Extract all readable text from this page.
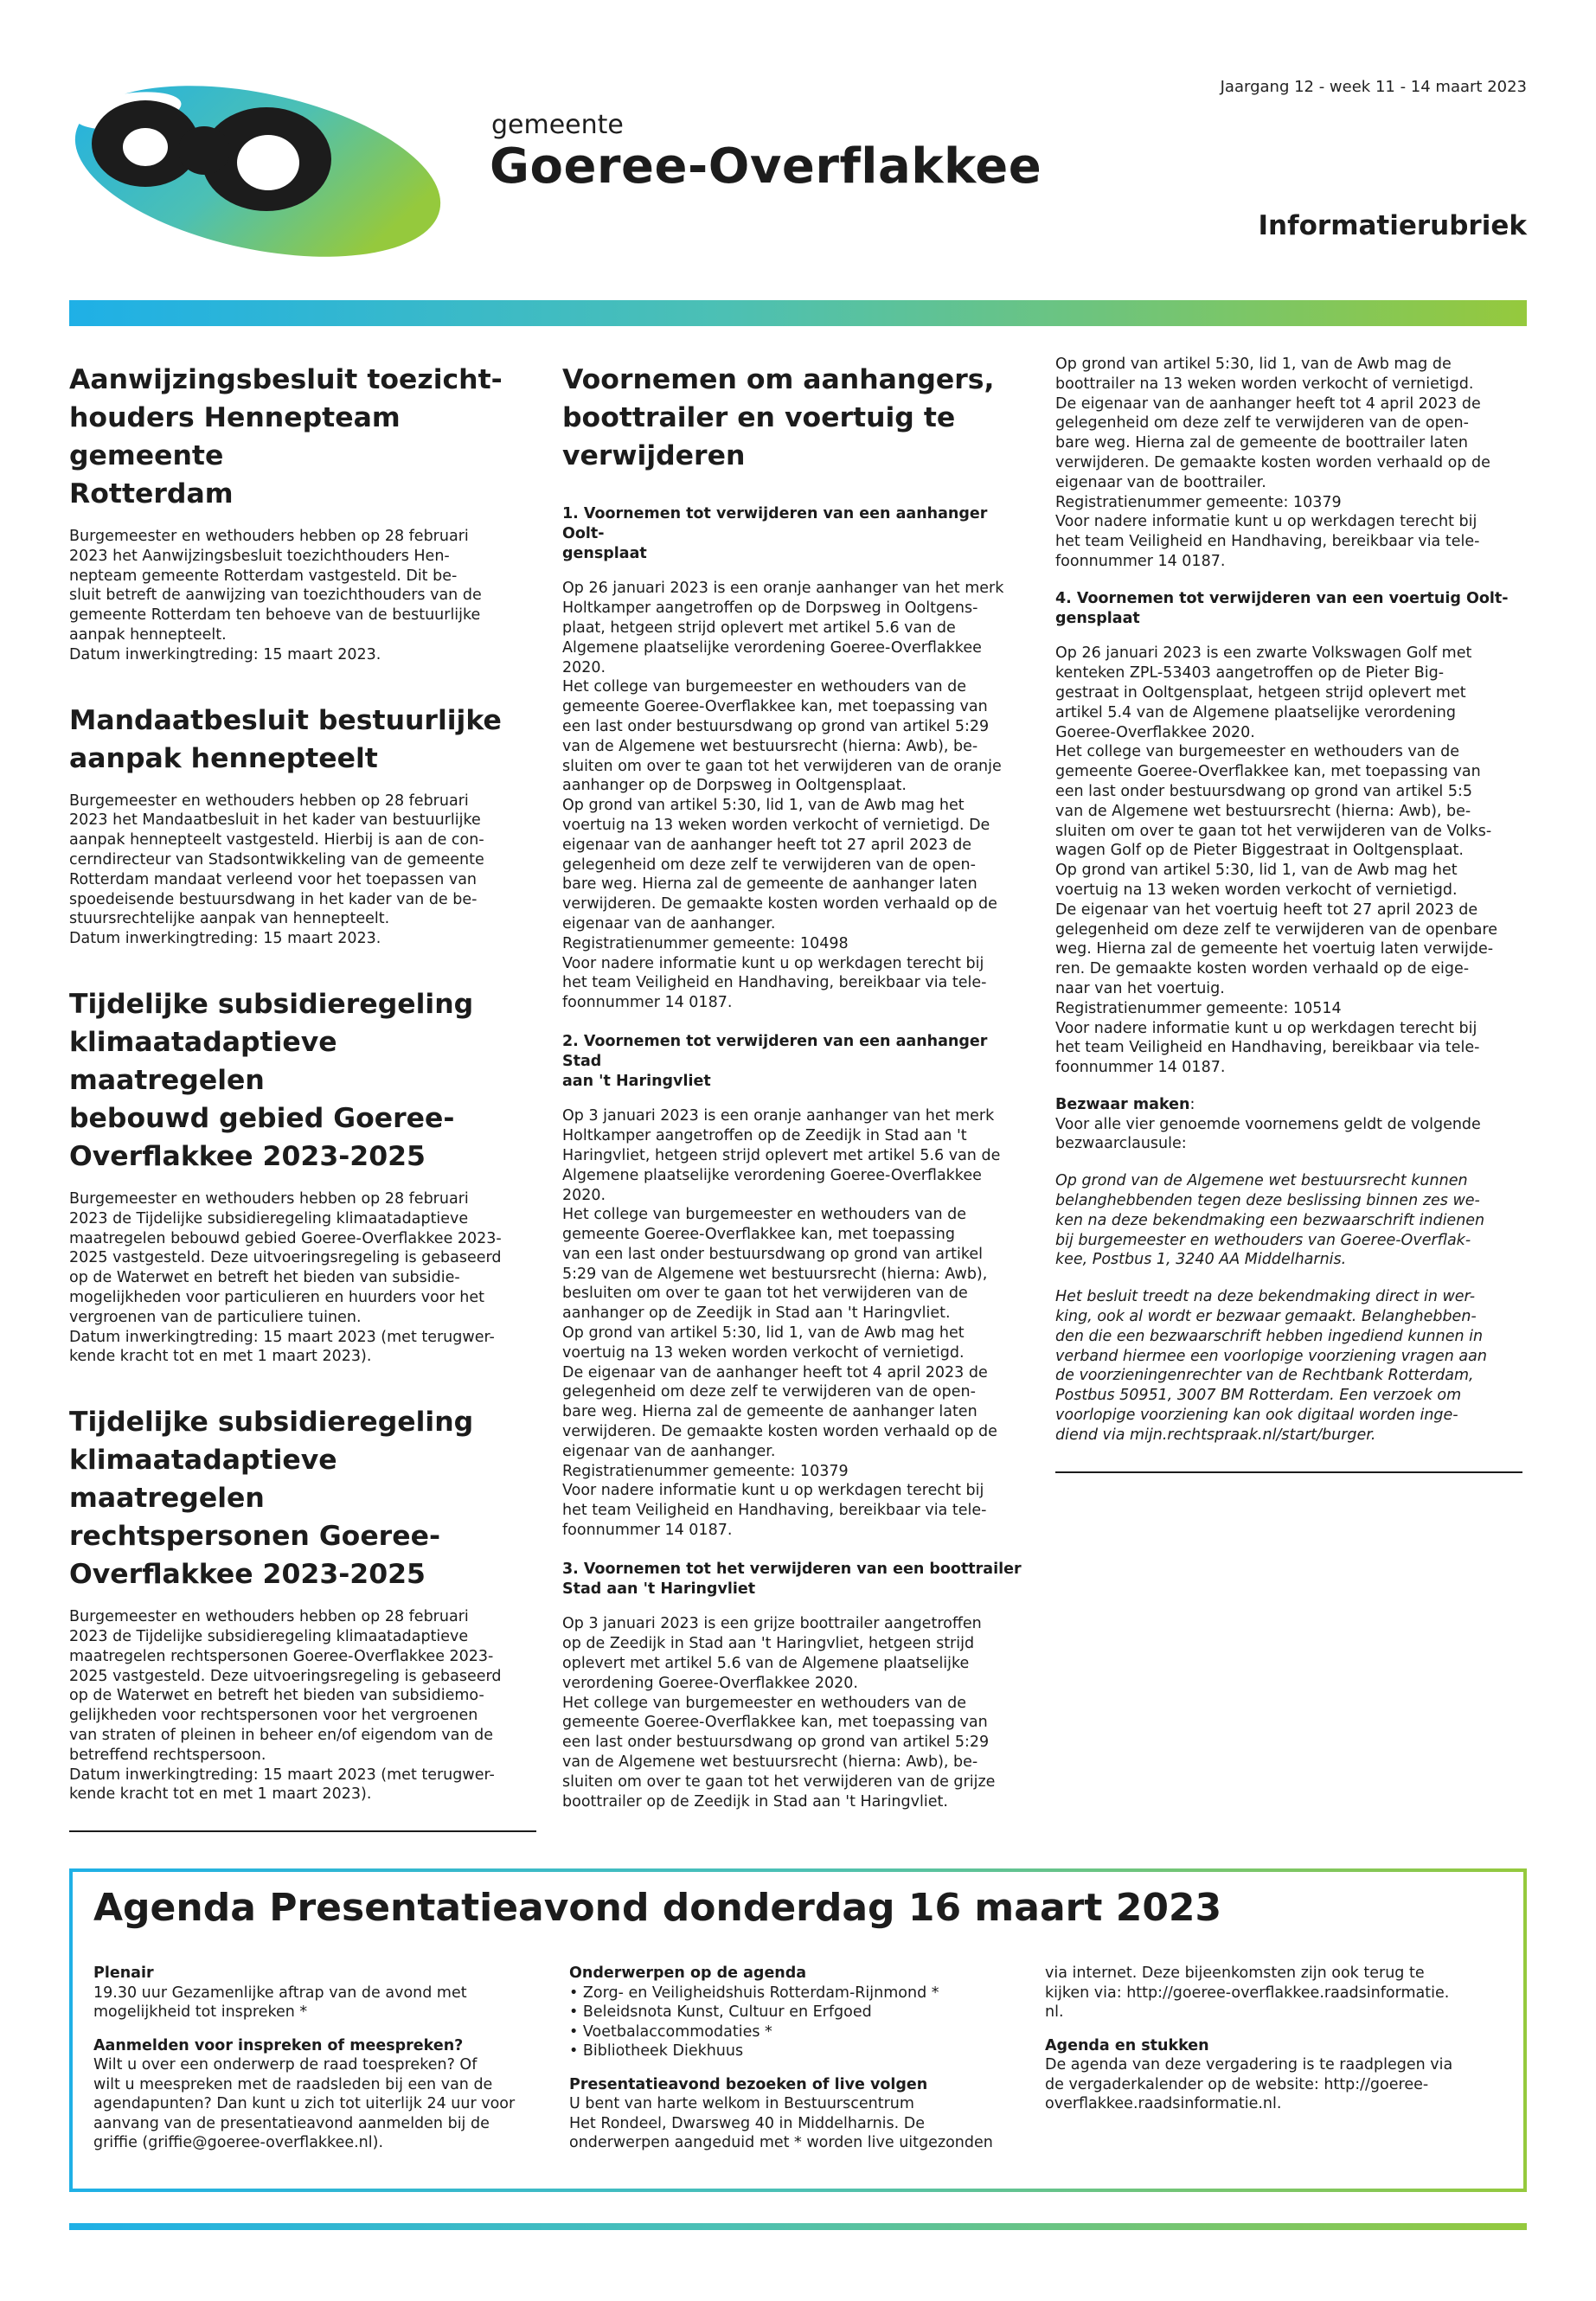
gemeente
Goeree-Overflakkee
Jaargang 12 - week 11 - 14 maart 2023
Informatierubriek
Aanwijzingsbesluit toezicht-
houders Hennepteam gemeente
Rotterdam

Burgemeester en wethouders hebben op 28 februari
2023 het Aanwijzingsbesluit toezichthouders Hen-
nepteam gemeente Rotterdam vastgesteld. Dit be-
sluit betreft de aanwijzing van toezichthouders van de
gemeente Rotterdam ten behoeve van de bestuurlijke
aanpak hennepteelt.
Datum inwerkingtreding: 15 maart 2023.

Mandaatbesluit bestuurlijke
aanpak hennepteelt

Burgemeester en wethouders hebben op 28 februari
2023 het Mandaatbesluit in het kader van bestuurlijke
aanpak hennepteelt vastgesteld. Hierbij is aan de con-
cerndirecteur van Stadsontwikkeling van de gemeente
Rotterdam mandaat verleend voor het toepassen van
spoedeisende bestuursdwang in het kader van de be-
stuursrechtelijke aanpak van hennepteelt.
Datum inwerkingtreding: 15 maart 2023.

Tijdelijke subsidieregeling
klimaatadaptieve maatregelen
bebouwd gebied Goeree-
Overflakkee 2023-2025

Burgemeester en wethouders hebben op 28 februari
2023 de Tijdelijke subsidieregeling klimaatadaptieve
maatregelen bebouwd gebied Goeree-Overflakkee 2023-
2025 vastgesteld. Deze uitvoeringsregeling is gebaseerd
op de Waterwet en betreft het bieden van subsidie-
mogelijkheden voor particulieren en huurders voor het
vergroenen van de particuliere tuinen.
Datum inwerkingtreding: 15 maart 2023 (met terugwer-
kende kracht tot en met 1 maart 2023).

Tijdelijke subsidieregeling
klimaatadaptieve maatregelen
rechtspersonen Goeree-
Overflakkee 2023-2025

Burgemeester en wethouders hebben op 28 februari
2023 de Tijdelijke subsidieregeling klimaatadaptieve
maatregelen rechtspersonen Goeree-Overflakkee 2023-
2025 vastgesteld. Deze uitvoeringsregeling is gebaseerd
op de Waterwet en betreft het bieden van subsidiemo-
gelijkheden voor rechtspersonen voor het vergroenen
van straten of pleinen in beheer en/of eigendom van de
betreffend rechtspersoon.
Datum inwerkingtreding: 15 maart 2023 (met terugwer-
kende kracht tot en met 1 maart 2023).

Voornemen om aanhangers,
boottrailer en voertuig te
verwijderen
1. Voornemen tot verwijderen van een aanhanger Oolt-
gensplaat

Op 26 januari 2023 is een oranje aanhanger van het merk
Holtkamper aangetroffen op de Dorpsweg in Ooltgens-
plaat, hetgeen strijd oplevert met artikel 5.6 van de
Algemene plaatselijke verordening Goeree-Overflakkee
2020.
Het college van burgemeester en wethouders van de
gemeente Goeree-Overflakkee kan, met toepassing van
een last onder bestuursdwang op grond van artikel 5:29
van de Algemene wet bestuursrecht (hierna: Awb), be-
sluiten om over te gaan tot het verwijderen van de oranje
aanhanger op de Dorpsweg in Ooltgensplaat.
Op grond van artikel 5:30, lid 1, van de Awb mag het
voertuig na 13 weken worden verkocht of vernietigd. De
eigenaar van de aanhanger heeft tot 27 april 2023 de
gelegenheid om deze zelf te verwijderen van de open-
bare weg. Hierna zal de gemeente de aanhanger laten
verwijderen. De gemaakte kosten worden verhaald op de
eigenaar van de aanhanger.
Registratienummer gemeente: 10498
Voor nadere informatie kunt u op werkdagen terecht bij
het team Veiligheid en Handhaving, bereikbaar via tele-
foonnummer 14 0187.

2. Voornemen tot verwijderen van een aanhanger Stad
aan 't Haringvliet

Op 3 januari 2023 is een oranje aanhanger van het merk
Holtkamper aangetroffen op de Zeedijk in Stad aan 't
Haringvliet, hetgeen strijd oplevert met artikel 5.6 van de
Algemene plaatselijke verordening Goeree-Overflakkee
2020.
Het college van burgemeester en wethouders van de
gemeente Goeree-Overflakkee kan, met toepassing
van een last onder bestuursdwang op grond van artikel
5:29 van de Algemene wet bestuursrecht (hierna: Awb),
besluiten om over te gaan tot het verwijderen van de
aanhanger op de Zeedijk in Stad aan 't Haringvliet.
Op grond van artikel 5:30, lid 1, van de Awb mag het
voertuig na 13 weken worden verkocht of vernietigd.
De eigenaar van de aanhanger heeft tot 4 april 2023 de
gelegenheid om deze zelf te verwijderen van de open-
bare weg. Hierna zal de gemeente de aanhanger laten
verwijderen. De gemaakte kosten worden verhaald op de
eigenaar van de aanhanger.
Registratienummer gemeente: 10379
Voor nadere informatie kunt u op werkdagen terecht bij
het team Veiligheid en Handhaving, bereikbaar via tele-
foonnummer 14 0187.

3. Voornemen tot het verwijderen van een boottrailer
Stad aan 't Haringvliet

Op 3 januari 2023 is een grijze boottrailer aangetroffen
op de Zeedijk in Stad aan 't Haringvliet, hetgeen strijd
oplevert met artikel 5.6 van de Algemene plaatselijke
verordening Goeree-Overflakkee 2020.
Het college van burgemeester en wethouders van de
gemeente Goeree-Overflakkee kan, met toepassing van
een last onder bestuursdwang op grond van artikel 5:29
van de Algemene wet bestuursrecht (hierna: Awb), be-
sluiten om over te gaan tot het verwijderen van de grijze
boottrailer op de Zeedijk in Stad aan 't Haringvliet.

Op grond van artikel 5:30, lid 1, van de Awb mag de
boottrailer na 13 weken worden verkocht of vernietigd.
De eigenaar van de aanhanger heeft tot 4 april 2023 de
gelegenheid om deze zelf te verwijderen van de open-
bare weg. Hierna zal de gemeente de boottrailer laten
verwijderen. De gemaakte kosten worden verhaald op de
eigenaar van de boottrailer.
Registratienummer gemeente: 10379
Voor nadere informatie kunt u op werkdagen terecht bij
het team Veiligheid en Handhaving, bereikbaar via tele-
foonnummer 14 0187.

4. Voornemen tot verwijderen van een voertuig Oolt-
gensplaat

Op 26 januari 2023 is een zwarte Volkswagen Golf met
kenteken ZPL-53403 aangetroffen op de Pieter Big-
gestraat in Ooltgensplaat, hetgeen strijd oplevert met
artikel 5.4 van de Algemene plaatselijke verordening
Goeree-Overflakkee 2020.
Het college van burgemeester en wethouders van de
gemeente Goeree-Overflakkee kan, met toepassing van
een last onder bestuursdwang op grond van artikel 5:5
van de Algemene wet bestuursrecht (hierna: Awb), be-
sluiten om over te gaan tot het verwijderen van de Volks-
wagen Golf op de Pieter Biggestraat in Ooltgensplaat.
Op grond van artikel 5:30, lid 1, van de Awb mag het
voertuig na 13 weken worden verkocht of vernietigd.
De eigenaar van het voertuig heeft tot 27 april 2023 de
gelegenheid om deze zelf te verwijderen van de openbare
weg. Hierna zal de gemeente het voertuig laten verwijde-
ren. De gemaakte kosten worden verhaald op de eige-
naar van het voertuig.
Registratienummer gemeente: 10514
Voor nadere informatie kunt u op werkdagen terecht bij
het team Veiligheid en Handhaving, bereikbaar via tele-
foonnummer 14 0187.

Bezwaar maken:

Voor alle vier genoemde voornemens geldt de volgende
bezwaarclausule:

Op grond van de Algemene wet bestuursrecht kunnen
belanghebbenden tegen deze beslissing binnen zes we-
ken na deze bekendmaking een bezwaarschrift indienen
bij burgemeester en wethouders van Goeree-Overflak-
kee, Postbus 1, 3240 AA Middelharnis.

Het besluit treedt na deze bekendmaking direct in wer-
king, ook al wordt er bezwaar gemaakt. Belanghebben-
den die een bezwaarschrift hebben ingediend kunnen in
verband hiermee een voorlopige voorziening vragen aan
de voorzieningenrechter van de Rechtbank Rotterdam,
Postbus 50951, 3007 BM Rotterdam. Een verzoek om
voorlopige voorziening kan ook digitaal worden inge-
diend via mijn.rechtspraak.nl/start/burger.

Agenda Presentatieavond donderdag 16 maart 2023
Plenair
19.30 uur Gezamenlijke aftrap van de avond met
mogelijkheid tot inspreken *
Aanmelden voor inspreken of meespreken?
Wilt u over een onderwerp de raad toespreken? Of
wilt u meespreken met de raadsleden bij een van de
agendapunten? Dan kunt u zich tot uiterlijk 24 uur voor
aanvang van de presentatieavond aanmelden bij de
griffie (griffie@goeree-overflakkee.nl).
Onderwerpen op de agenda
• Zorg- en Veiligheidshuis Rotterdam-Rijnmond *
• Beleidsnota Kunst, Cultuur en Erfgoed
• Voetbalaccommodaties *
• Bibliotheek Diekhuus
Presentatieavond bezoeken of live volgen
U bent van harte welkom in Bestuurscentrum
Het Rondeel, Dwarsweg 40 in Middelharnis. De
onderwerpen aangeduid met * worden live uitgezonden
via internet. Deze bijeenkomsten zijn ook terug te
kijken via: http://goeree-overflakkee.raadsinformatie.
nl.
Agenda en stukken
De agenda van deze vergadering is te raadplegen via
de vergaderkalender op de website: http://goeree-
overflakkee.raadsinformatie.nl.
